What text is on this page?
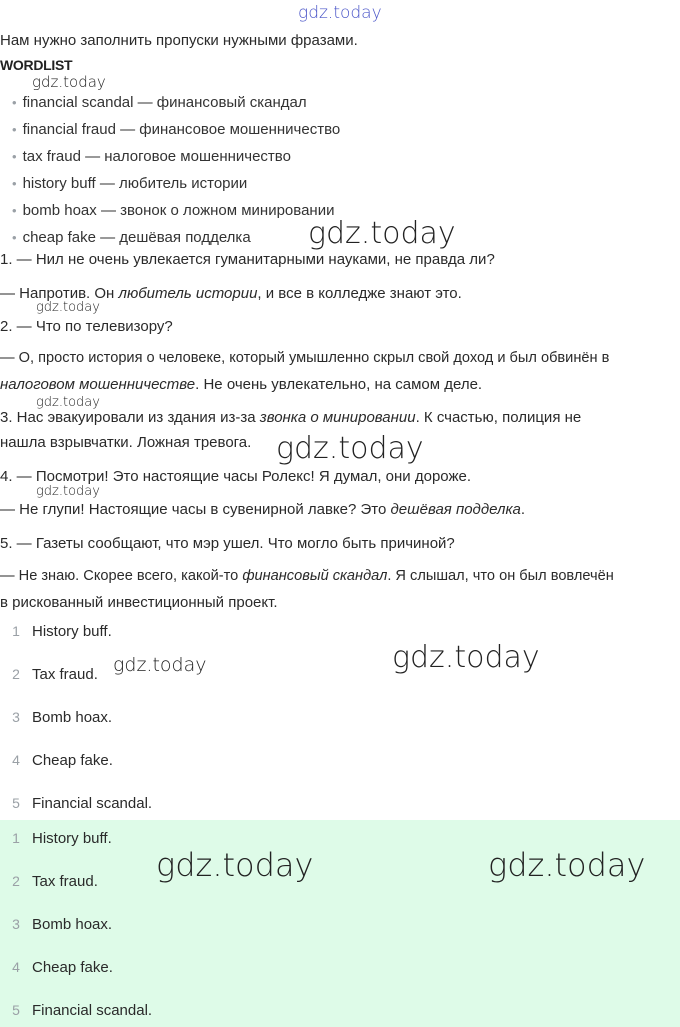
gdz.today
Нам нужно заполнить пропуски нужными фразами.
WORDLIST
• financial scandal — финансовый скандал
• financial fraud — финансовое мошенничество
• tax fraud — налоговое мошенничество
• history buff — любитель истории
• bomb hoax — звонок о ложном минировании
• cheap fake — дешёвая подделка
1. — Нил не очень увлекается гуманитарными науками, не правда ли?
— Напротив. Он любитель истории, и все в колледже знают это.
2. — Что по телевизору?
— О, просто история о человеке, который умышленно скрыл свой доход и был обвинён в
налоговом мошенничестве. Не очень увлекательно, на самом деле.
3. Нас эвакуировали из здания из-за звонка о минировании. К счастью, полиция не
нашла взрывчатки. Ложная тревога.
4. — Посмотри! Это настоящие часы Ролекс! Я думал, они дороже.
— Не глупи! Настоящие часы в сувенирной лавке? Это дешёвая подделка.
5. — Газеты сообщают, что мэр ушел. Что могло быть причиной?
— Не знаю. Скорее всего, какой-то финансовый скандал. Я слышал, что он был вовлечён
в рискованный инвестиционный проект.
1 History buff.
2 Tax fraud.
3 Bomb hoax.
4 Cheap fake.
5 Financial scandal.
1 History buff.
2 Tax fraud.
3 Bomb hoax.
4 Cheap fake.
5 Financial scandal.
gdz.today
gdz.today
gdz.today
gdz.today
gdz.today
gdz.today
gdz.today	gdz.today
gdz.today	gdz.today
